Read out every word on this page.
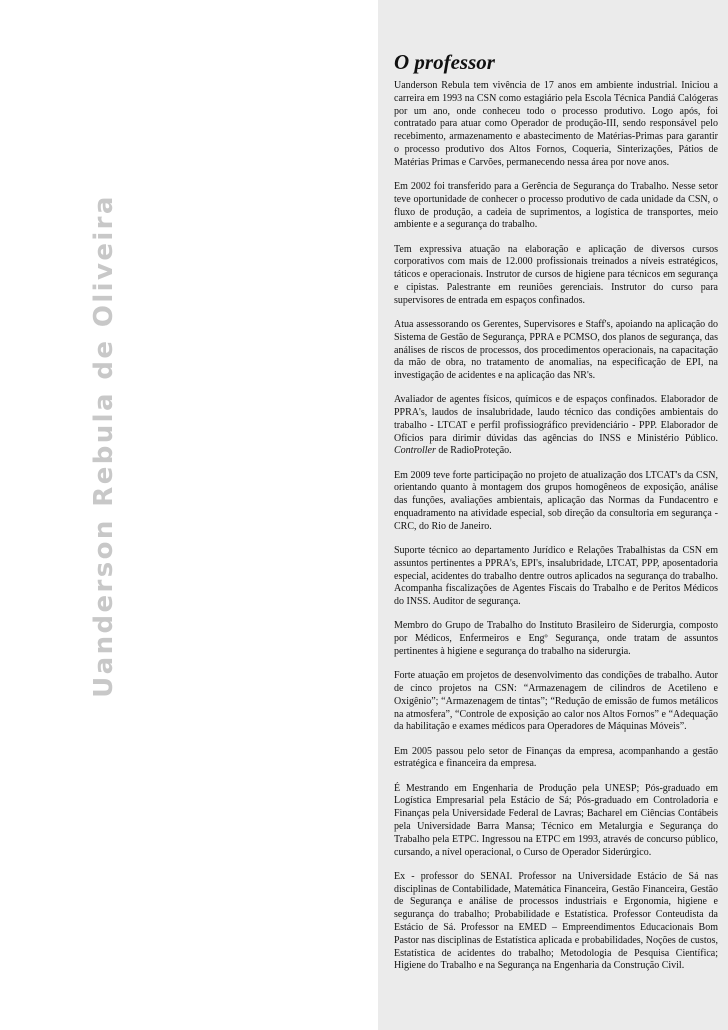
Uanderson Rebula de Oliveira
O professor

Uanderson Rebula tem vivência de 17 anos em ambiente industrial. Iniciou a carreira em 1993 na CSN como estagiário pela Escola Técnica Pandiá Calógeras por um ano, onde conheceu todo o processo produtivo. Logo após, foi contratado para atuar como Operador de produção-III, sendo responsável pelo recebimento, armazenamento e abastecimento de Matérias-Primas para garantir o processo produtivo dos Altos Fornos, Coqueria, Sinterizações, Pátios de Matérias Primas e Carvões, permanecendo nessa área por nove anos.

Em 2002 foi transferido para a Gerência de Segurança do Trabalho. Nesse setor teve oportunidade de conhecer o processo produtivo de cada unidade da CSN, o fluxo de produção, a cadeia de suprimentos, a logística de transportes, meio ambiente e a segurança do trabalho.

Tem expressiva atuação na elaboração e aplicação de diversos cursos corporativos com mais de 12.000 profissionais treinados a níveis estratégicos, táticos e operacionais. Instrutor de cursos de higiene para técnicos em segurança e cipistas. Palestrante em reuniões gerenciais. Instrutor do curso para supervisores de entrada em espaços confinados.

Atua assessorando os Gerentes, Supervisores e Staff's, apoiando na aplicação do Sistema de Gestão de Segurança, PPRA e PCMSO, dos planos de segurança, das análises de riscos de processos, dos procedimentos operacionais, na capacitação da mão de obra, no tratamento de anomalias, na especificação de EPI, na investigação de acidentes e na aplicação das NR's.

Avaliador de agentes físicos, químicos e de espaços confinados. Elaborador de PPRA's, laudos de insalubridade, laudo técnico das condições ambientais do trabalho - LTCAT e perfil profissiográfico previdenciário - PPP. Elaborador de Ofícios para dirimir dúvidas das agências do INSS e Ministério Público. Controller de RadioProteção.

Em 2009 teve forte participação no projeto de atualização dos LTCAT's da CSN, orientando quanto à montagem dos grupos homogêneos de exposição, análise das funções, avaliações ambientais, aplicação das Normas da Fundacentro e enquadramento na atividade especial, sob direção da consultoria em segurança - CRC, do Rio de Janeiro.

Suporte técnico ao departamento Jurídico e Relações Trabalhistas da CSN em assuntos pertinentes a PPRA's, EPI's, insalubridade, LTCAT, PPP, aposentadoria especial, acidentes do trabalho dentre outros aplicados na segurança do trabalho. Acompanha fiscalizações de Agentes Fiscais do Trabalho e de Peritos Médicos do INSS. Auditor de segurança.

Membro do Grupo de Trabalho do Instituto Brasileiro de Siderurgia, composto por Médicos, Enfermeiros e Engº Segurança, onde tratam de assuntos pertinentes à higiene e segurança do trabalho na siderurgia.

Forte atuação em projetos de desenvolvimento das condições de trabalho. Autor de cinco projetos na CSN: “Armazenagem de cilindros de Acetileno e Oxigênio”; “Armazenagem de tintas”; “Redução de emissão de fumos metálicos na atmosfera”, “Controle de exposição ao calor nos Altos Fornos” e “Adequação da habilitação e exames médicos para Operadores de Máquinas Móveis”.

Em 2005 passou pelo setor de Finanças da empresa, acompanhando a gestão estratégica e financeira da empresa.

É Mestrando em Engenharia de Produção pela UNESP; Pós-graduado em Logística Empresarial pela Estácio de Sá; Pós-graduado em Controladoria e Finanças pela Universidade Federal de Lavras; Bacharel em Ciências Contábeis pela Universidade Barra Mansa; Técnico em Metalurgia e Segurança do Trabalho pela ETPC. Ingressou na ETPC em 1993, através de concurso público, cursando, a nível operacional, o Curso de Operador Siderúrgico.

Ex - professor do SENAI. Professor na Universidade Estácio de Sá nas disciplinas de Contabilidade, Matemática Financeira, Gestão Financeira, Gestão de Segurança e análise de processos industriais e Ergonomia, higiene e segurança do trabalho; Probabilidade e Estatística. Professor Conteudista da Estácio de Sá. Professor na EMED – Empreendimentos Educacionais Bom Pastor nas disciplinas de Estatística aplicada e probabilidades, Noções de custos, Estatística de acidentes do trabalho; Metodologia de Pesquisa Científica; Higiene do Trabalho e na Segurança na Engenharia da Construção Civil.
